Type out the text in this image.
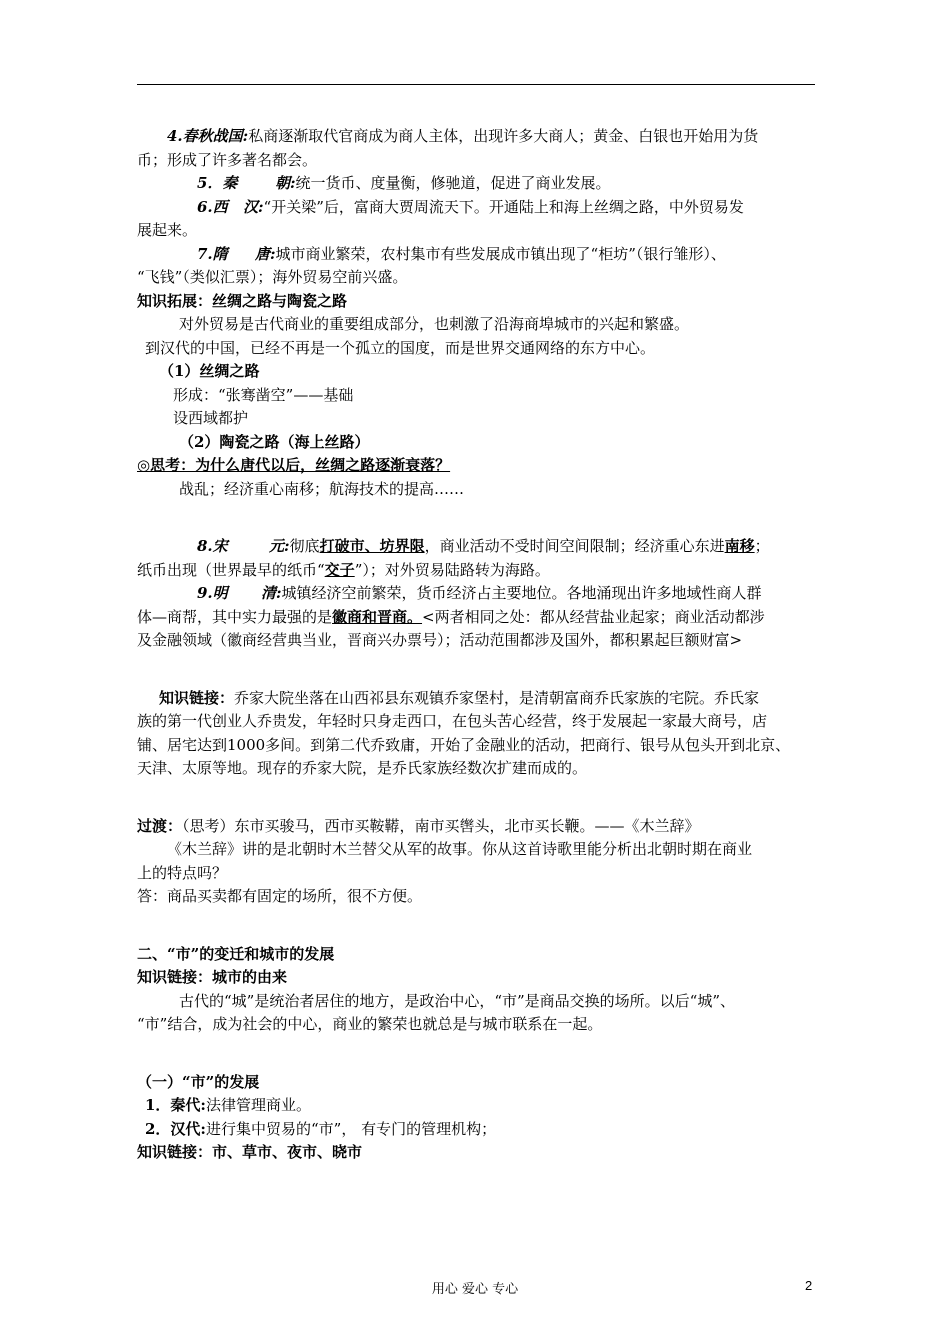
4.春秋战国:私商逐渐取代官商成为商人主体，出现许多大商人；黄金、白银也开始用为货

币；形成了许多著名都会。

5．秦	朝:统一货币、度量衡，修驰道，促进了商业发展。

6.西 汉:“开关梁”后，富商大贾周流天下。开通陆上和海上丝绸之路，中外贸易发

展起来。

7.隋 唐:城市商业繁荣，农村集市有些发展成市镇出现了“柜坊”（银行雏形）、

“飞钱”（类似汇票）；海外贸易空前兴盛。

知识拓展：丝绸之路与陶瓷之路

对外贸易是古代商业的重要组成部分，也刺激了沿海商埠城市的兴起和繁盛。

到汉代的中国，已经不再是一个孤立的国度，而是世界交通网络的东方中心。

（1）丝绸之路

形成：“张骞凿空”——基础

设西域都护

（2）陶瓷之路（海上丝路）

◎思考：为什么唐代以后，丝绸之路逐渐衰落？

战乱；经济重心南移；航海技术的提高……

8.宋	元:彻底打破市、坊界限，商业活动不受时间空间限制；经济重心东进南移；

纸币出现（世界最早的纸币“交子”）；对外贸易陆路转为海路。

9.明 清:城镇经济空前繁荣，货币经济占主要地位。各地涌现出许多地域性商人群

体—商帮，其中实力最强的是徽商和晋商。<两者相同之处：都从经营盐业起家；商业活动都涉

及金融领域（徽商经营典当业，晋商兴办票号）；活动范围都涉及国外，都积累起巨额财富>

知识链接：乔家大院坐落在山西祁县东观镇乔家堡村，是清朝富商乔氏家族的宅院。乔氏家

族的第一代创业人乔贵发，年轻时只身走西口，在包头苦心经营，终于发展起一家最大商号，店

铺、居宅达到1000多间。到第二代乔致庸，开始了金融业的活动，把商行、银号从包头开到北京、

天津、太原等地。现存的乔家大院，是乔氏家族经数次扩建而成的。

过渡：（思考）东市买骏马，西市买鞍鞯，南市买辔头，北市买长鞭。——《木兰辞》

《木兰辞》讲的是北朝时木兰替父从军的故事。你从这首诗歌里能分析出北朝时期在商业

上的特点吗？

答：商品买卖都有固定的场所，很不方便。

二、“市”的变迁和城市的发展

知识链接：城市的由来

古代的“城”是统治者居住的地方，是政治中心，“市”是商品交换的场所。以后“城”、

“市”结合，成为社会的中心，商业的繁荣也就总是与城市联系在一起。

（一）“市”的发展

1．秦代:法律管理商业。

2．汉代:进行集中贸易的“市”， 有专门的管理机构；

知识链接：市、草市、夜市、晓市

用心 爱心 专心	2
